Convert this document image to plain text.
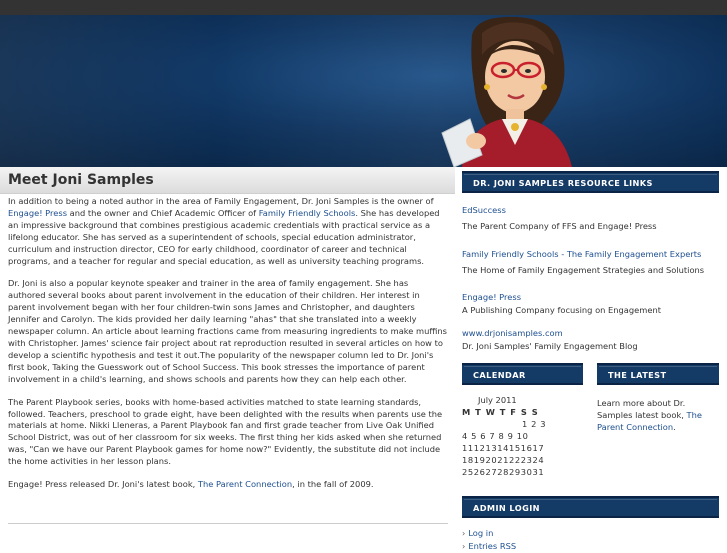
Meet Joni Samples

In addition to being a noted author in the area of Family Engagement, Dr. Joni Samples is the owner of Engage! Press and the owner and Chief Academic Officer of Family Friendly Schools. She has developed an impressive background that combines prestigious academic credentials with practical service as a lifelong educator. She has served as a superintendent of schools, special education administrator, curriculum and instruction director, CEO for early childhood, coordinator of career and technical programs, and a teacher for regular and special education, as well as university teaching programs.

Dr. Joni is also a popular keynote speaker and trainer in the area of family engagement. She has authored several books about parent involvement in the education of their children. Her interest in parent involvement began with her four children-twin sons James and Christopher, and daughters Jennifer and Carolyn. The kids provided her daily learning "ahas" that she translated into a weekly newspaper column. An article about learning fractions came from measuring ingredients to make muffins with Christopher. James' science fair project about rat reproduction resulted in several articles on how to develop a scientific hypothesis and test it out.The popularity of the newspaper column led to Dr. Joni's first book, Taking the Guesswork out of School Success. This book stresses the importance of parent involvement in a child's learning, and shows schools and parents how they can help each other.

The Parent Playbook series, books with home-based activities matched to state learning standards, followed. Teachers, preschool to grade eight, have been delighted with the results when parents use the materials at home. Nikki Lleneras, a Parent Playbook fan and first grade teacher from Live Oak Unified School District, was out of her classroom for six weeks. The first thing her kids asked when she returned was, "Can we have our Parent Playbook games for home now?" Evidently, the substitute did not include the home activities in her lesson plans.

Engage! Press released Dr. Joni's latest book, The Parent Connection, in the fall of 2009.

DR. JONI SAMPLES RESOURCE LINKS
EdSuccess
The Parent Company of FFS and Engage! Press
Family Friendly Schools - The Family Engagement Experts
The Home of Family Engagement Strategies and Solutions
Engage! Press
A Publishing Company focusing on Engagement
www.drjonisamples.com
Dr. Joni Samples' Family Engagement Blog
CALENDAR	THE LATEST
July 2011
M T W T F S S
1 2 3
4 5 6 7 8 9 10
11121314151617
18192021222324
25262728293031
Learn more about Dr. Samples latest book, The Parent Connection.
ADMIN LOGIN
› Log in
› Entries RSS
